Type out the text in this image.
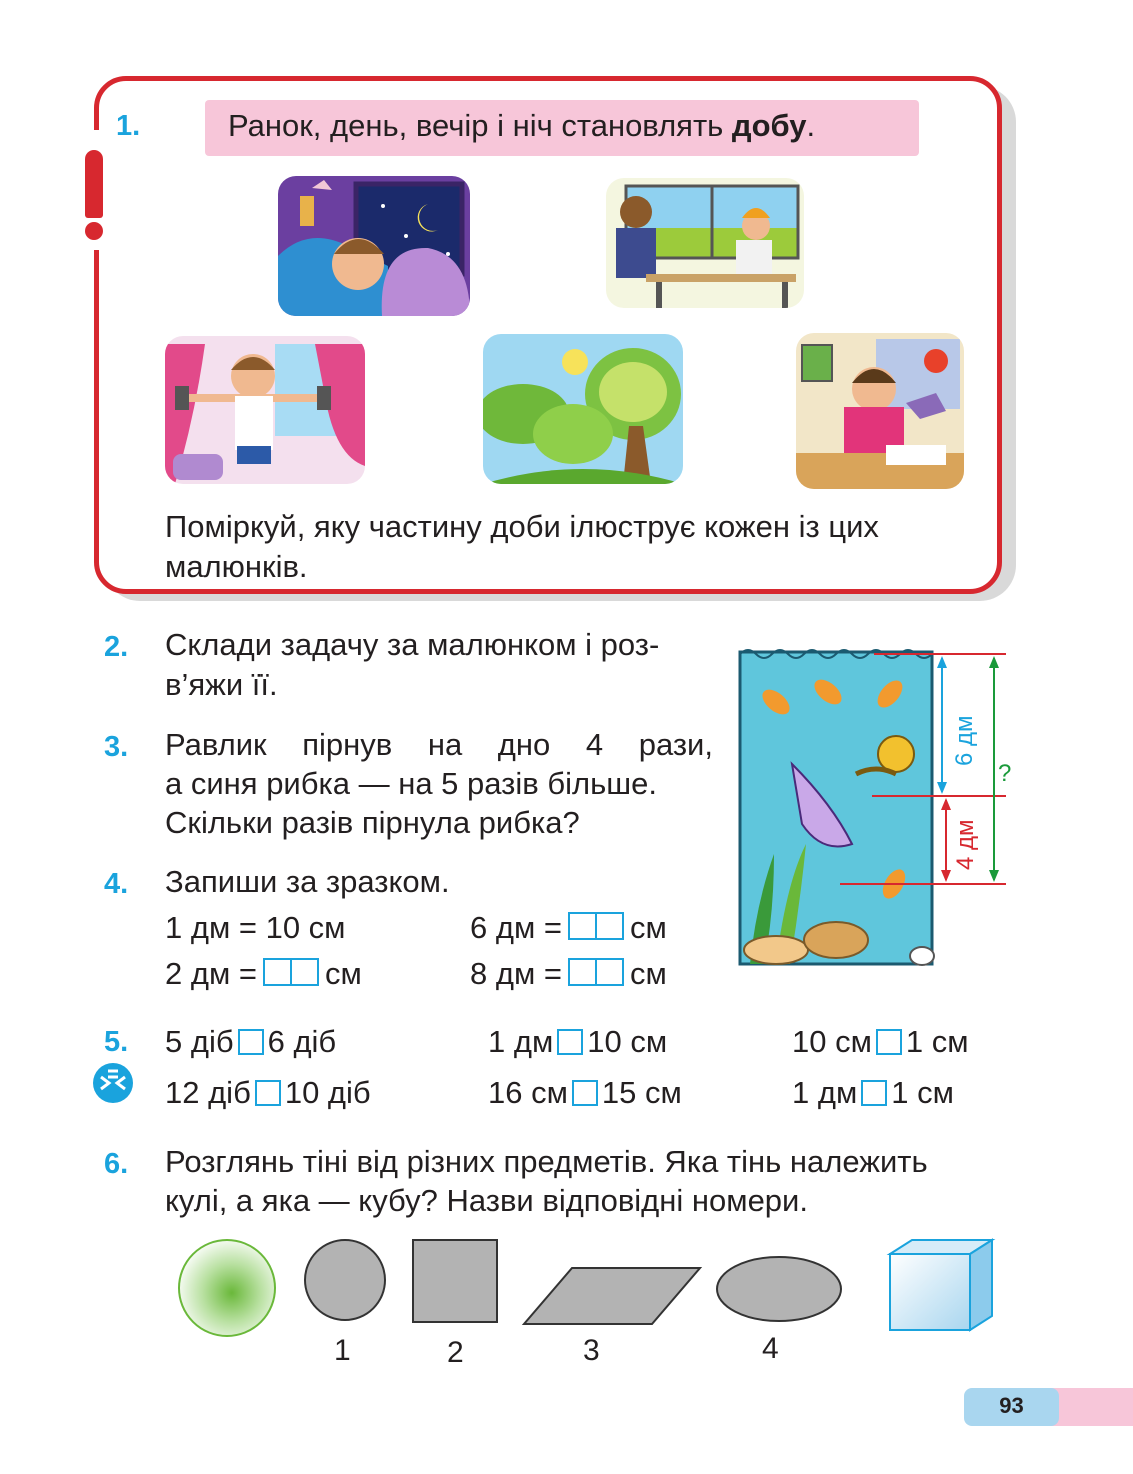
1.	Ранок, день, вечір і ніч становлять добу.
Поміркуй, яку частину доби ілюструє кожен із цих малюнків.
2. Склади задачу за малюнком і роз-
в’яжи її.
3. Равлик пірнув на дно 4 рази,
а синя рибка — на 5 разів більше.
Скільки разів пірнула рибка?
6 дм
4 дм
?
4. Запиши за зразком.
1 дм = 10 см	6 дм = см
2 дм = см	8 дм = см
5. 5 діб 6 діб	1 дм 10 см	10 см 1 см
12 діб 10 діб	16 см 15 см	1 дм 1 см
6. Розглянь тіні від різних предметів. Яка тінь належить
кулі, а яка — кубу? Назви відповідні номери.
1	2	3	4
93
